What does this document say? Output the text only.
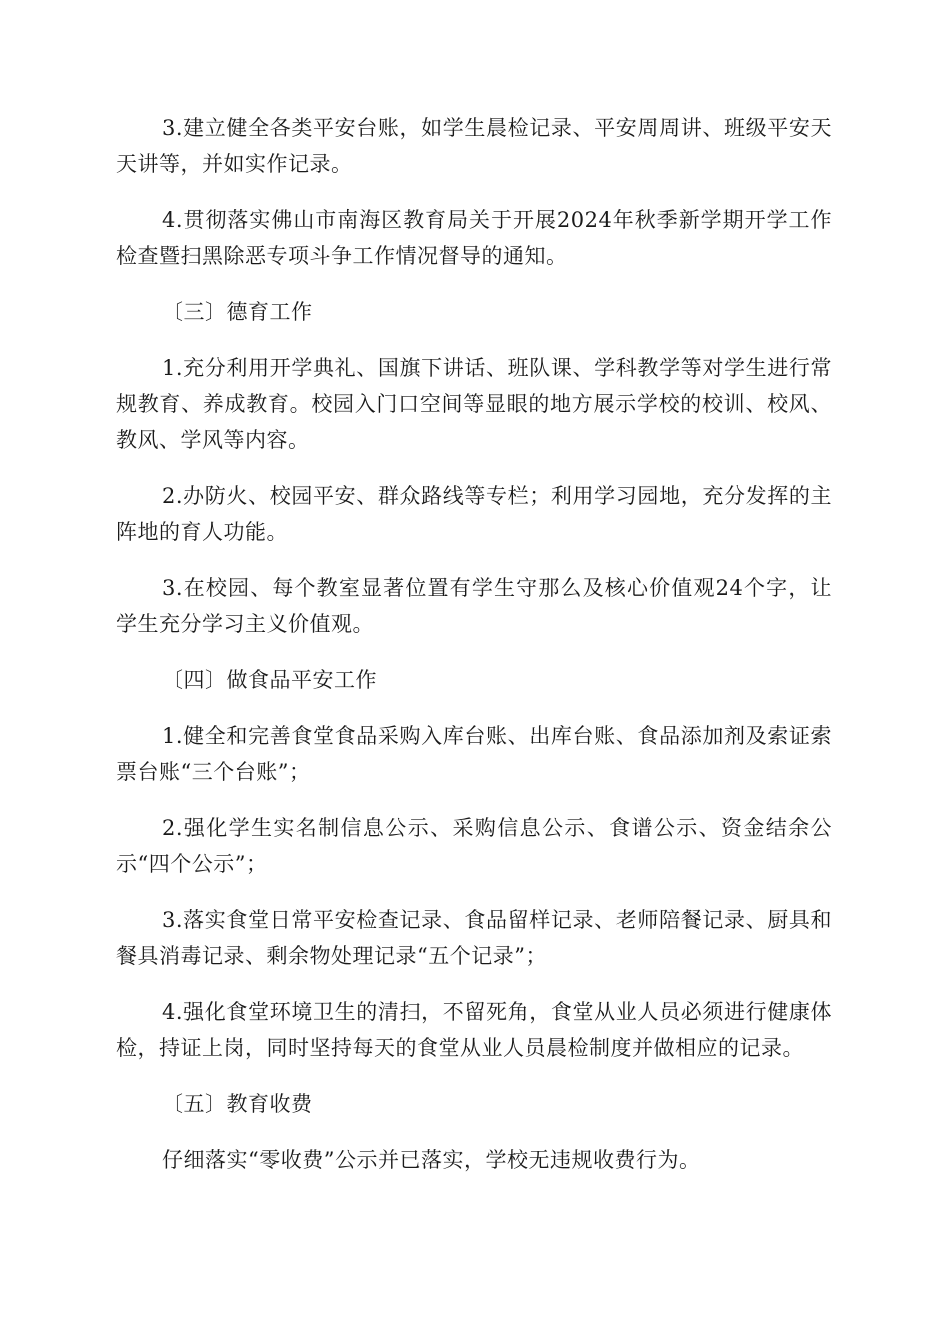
3.建立健全各类平安台账，如学生晨检记录、平安周周讲、班级平安天天讲等，并如实作记录。

4.贯彻落实佛山市南海区教育局关于开展2024年秋季新学期开学工作检查暨扫黑除恶专项斗争工作情况督导的通知。

〔三〕德育工作

1.充分利用开学典礼、国旗下讲话、班队课、学科教学等对学生进行常规教育、养成教育。校园入门口空间等显眼的地方展示学校的校训、校风、教风、学风等内容。

2.办防火、校园平安、群众路线等专栏；利用学习园地，充分发挥的主阵地的育人功能。

3.在校园、每个教室显著位置有学生守那么及核心价值观24个字，让学生充分学习主义价值观。

〔四〕做食品平安工作

1.健全和完善食堂食品采购入库台账、出库台账、食品添加剂及索证索票台账“三个台账”；

2.强化学生实名制信息公示、采购信息公示、食谱公示、资金结余公示“四个公示”；

3.落实食堂日常平安检查记录、食品留样记录、老师陪餐记录、厨具和餐具消毒记录、剩余物处理记录“五个记录”；

4.强化食堂环境卫生的清扫，不留死角，食堂从业人员必须进行健康体检，持证上岗，同时坚持每天的食堂从业人员晨检制度并做相应的记录。

〔五〕教育收费

仔细落实“零收费”公示并已落实，学校无违规收费行为。
